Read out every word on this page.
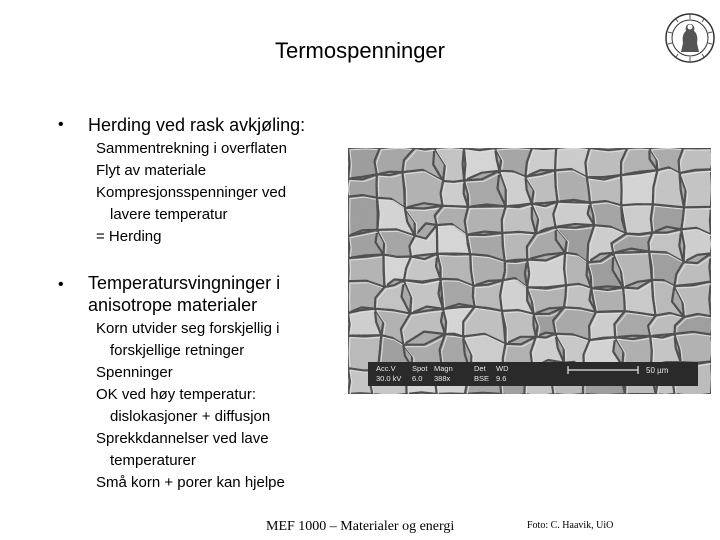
Termospenninger
• Herding ved rask avkjøling:
Sammentrekning i overflaten
Flyt av materiale
Kompresjonsspenninger ved lavere temperatur
= Herding
• Temperatursvingninger i
anisotrope materialer
Korn utvider seg forskjellig i forskjellige retninger
Spenninger
OK ved høy temperatur: dislokasjoner + diffusjon
Sprekkdannelser ved lave temperaturer
Små korn + porer kan hjelpe
Acc.V Spot Magn	Det WD
30.0 kV 6.0 388x	BSE 9.6
50 µm
MEF 1000 – Materialer og energi	Foto: C. Haavik, UiO
